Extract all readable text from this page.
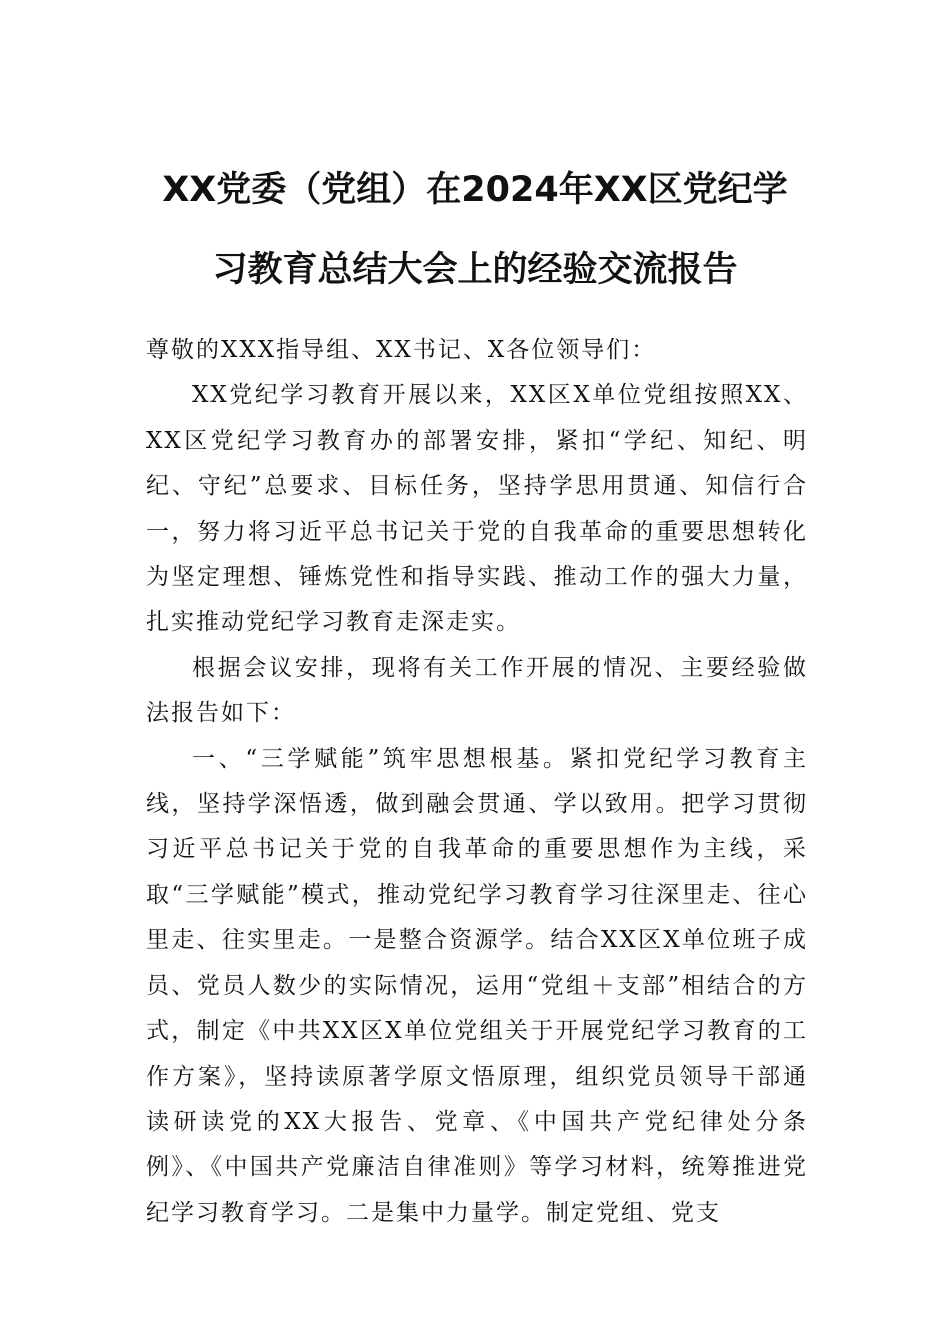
XX党委（党组）在2024年XX区党纪学
习教育总结大会上的经验交流报告

尊敬的XXX指导组、XX书记、X各位领导们：

XX党纪学习教育开展以来，XX区X单位党组按照XX、XX区党纪学习教育办的部署安排，紧扣“学纪、知纪、明纪、守纪”总要求、目标任务，坚持学思用贯通、知信行合一，努力将习近平总书记关于党的自我革命的重要思想转化为坚定理想、锤炼党性和指导实践、推动工作的强大力量，扎实推动党纪学习教育走深走实。

根据会议安排，现将有关工作开展的情况、主要经验做法报告如下：

一、“三学赋能”筑牢思想根基。紧扣党纪学习教育主线，坚持学深悟透，做到融会贯通、学以致用。把学习贯彻习近平总书记关于党的自我革命的重要思想作为主线，采取“三学赋能”模式，推动党纪学习教育学习往深里走、往心里走、往实里走。一是整合资源学。结合XX区X单位班子成员、党员人数少的实际情况，运用“党组＋支部”相结合的方式，制定《中共XX区X单位党组关于开展党纪学习教育的工作方案》，坚持读原著学原文悟原理，组织党员领导干部通读研读党的XX大报告、党章、《中国共产党纪律处分条例》、《中国共产党廉洁自律准则》等学习材料，统筹推进党纪学习教育学习。二是集中力量学。制定党组、党支
